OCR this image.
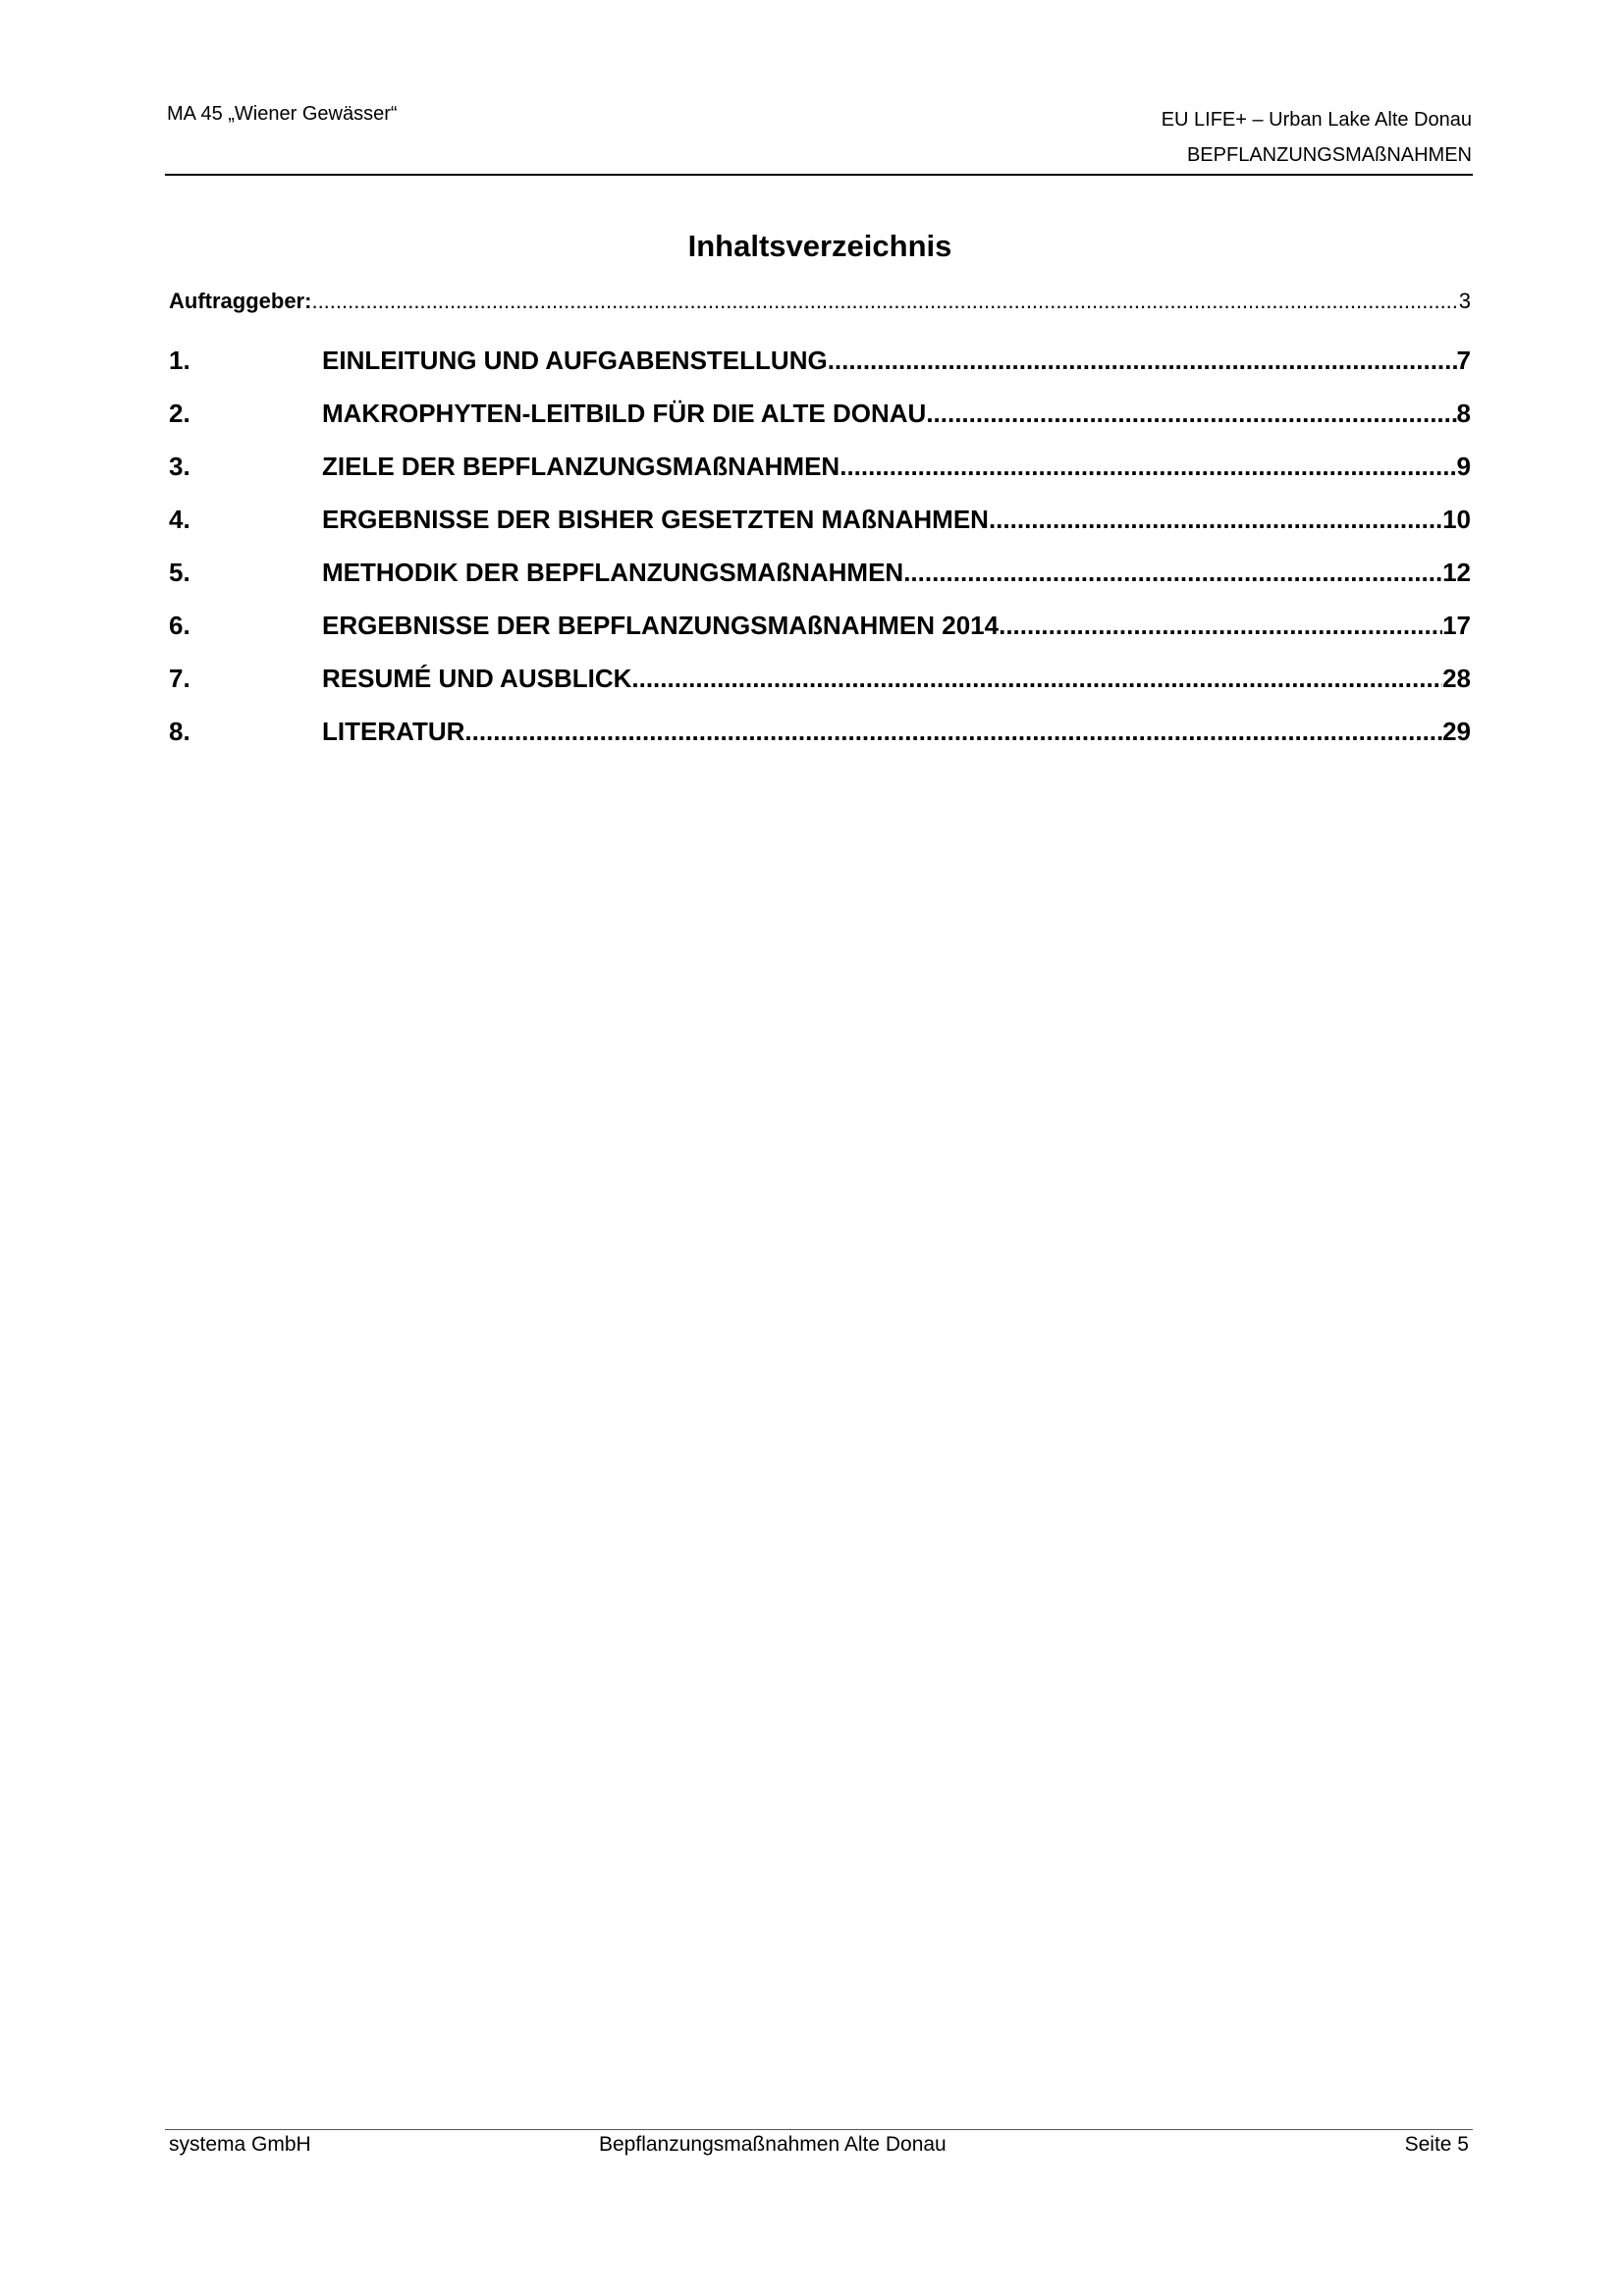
MA 45 „Wiener Gewässer“	EU LIFE+ – Urban Lake Alte Donau
BEPFLANZUNGSMAßNAHMEN
Inhaltsverzeichnis
Auftraggeber: .....	3
1.	EINLEITUNG UND AUFGABENSTELLUNG .....	7
2.	MAKROPHYTEN-LEITBILD FÜR DIE ALTE DONAU .....	8
3.	ZIELE DER BEPFLANZUNGSMAßNAHMEN .....	9
4.	ERGEBNISSE DER BISHER GESETZTEN MAßNAHMEN .....	10
5.	METHODIK DER BEPFLANZUNGSMAßNAHMEN .....	12
6.	ERGEBNISSE DER BEPFLANZUNGSMAßNAHMEN 2014 .....	17
7.	RESUMÉ UND AUSBLICK .....	28
8.	LITERATUR .....	29
systema GmbH	Bepflanzungsmaßnahmen Alte Donau	Seite 5
